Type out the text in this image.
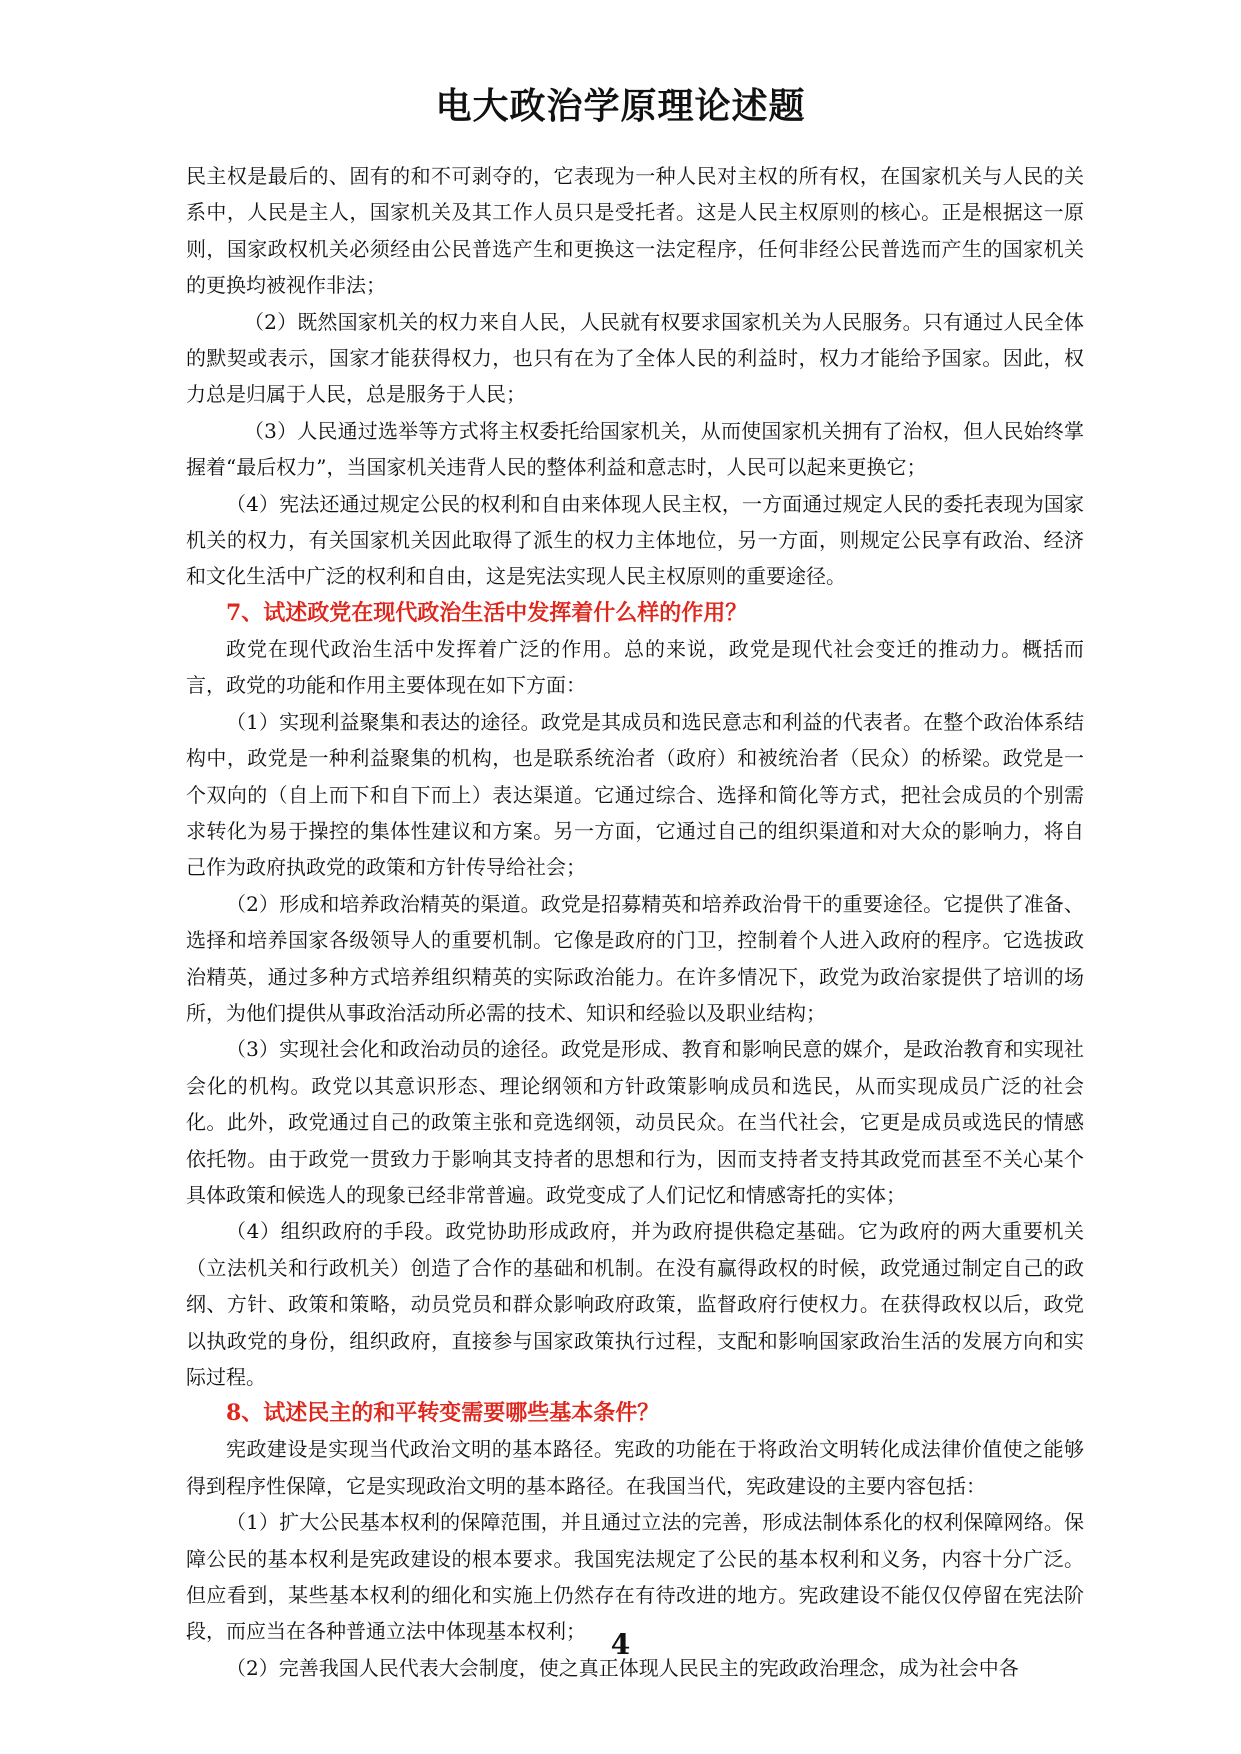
电大政治学原理论述题

民主权是最后的、固有的和不可剥夺的，它表现为一种人民对主权的所有权，在国家机关与人民的关系中，人民是主人，国家机关及其工作人员只是受托者。这是人民主权原则的核心。正是根据这一原则，国家政权机关必须经由公民普选产生和更换这一法定程序，任何非经公民普选而产生的国家机关的更换均被视作非法；

（2）既然国家机关的权力来自人民，人民就有权要求国家机关为人民服务。只有通过人民全体的默契或表示，国家才能获得权力，也只有在为了全体人民的利益时，权力才能给予国家。因此，权力总是归属于人民，总是服务于人民；

（3）人民通过选举等方式将主权委托给国家机关，从而使国家机关拥有了治权，但人民始终掌握着“最后权力”，当国家机关违背人民的整体利益和意志时，人民可以起来更换它；

（4）宪法还通过规定公民的权利和自由来体现人民主权，一方面通过规定人民的委托表现为国家机关的权力，有关国家机关因此取得了派生的权力主体地位，另一方面，则规定公民享有政治、经济和文化生活中广泛的权利和自由，这是宪法实现人民主权原则的重要途径。

7、试述政党在现代政治生活中发挥着什么样的作用？

政党在现代政治生活中发挥着广泛的作用。总的来说，政党是现代社会变迁的推动力。概括而言，政党的功能和作用主要体现在如下方面：

（1）实现利益聚集和表达的途径。政党是其成员和选民意志和利益的代表者。在整个政治体系结构中，政党是一种利益聚集的机构，也是联系统治者（政府）和被统治者（民众）的桥梁。政党是一个双向的（自上而下和自下而上）表达渠道。它通过综合、选择和简化等方式，把社会成员的个别需求转化为易于操控的集体性建议和方案。另一方面，它通过自己的组织渠道和对大众的影响力，将自己作为政府执政党的政策和方针传导给社会；

（2）形成和培养政治精英的渠道。政党是招募精英和培养政治骨干的重要途径。它提供了准备、选择和培养国家各级领导人的重要机制。它像是政府的门卫，控制着个人进入政府的程序。它选拔政治精英，通过多种方式培养组织精英的实际政治能力。在许多情况下，政党为政治家提供了培训的场所，为他们提供从事政治活动所必需的技术、知识和经验以及职业结构；

（3）实现社会化和政治动员的途径。政党是形成、教育和影响民意的媒介，是政治教育和实现社会化的机构。政党以其意识形态、理论纲领和方针政策影响成员和选民，从而实现成员广泛的社会化。此外，政党通过自己的政策主张和竞选纲领，动员民众。在当代社会，它更是成员或选民的情感依托物。由于政党一贯致力于影响其支持者的思想和行为，因而支持者支持其政党而甚至不关心某个具体政策和候选人的现象已经非常普遍。政党变成了人们记忆和情感寄托的实体；

（4）组织政府的手段。政党协助形成政府，并为政府提供稳定基础。它为政府的两大重要机关（立法机关和行政机关）创造了合作的基础和机制。在没有赢得政权的时候，政党通过制定自己的政纲、方针、政策和策略，动员党员和群众影响政府政策，监督政府行使权力。在获得政权以后，政党以执政党的身份，组织政府，直接参与国家政策执行过程，支配和影响国家政治生活的发展方向和实际过程。

8、试述民主的和平转变需要哪些基本条件？

宪政建设是实现当代政治文明的基本路径。宪政的功能在于将政治文明转化成法律价值使之能够得到程序性保障，它是实现政治文明的基本路径。在我国当代，宪政建设的主要内容包括：

（1）扩大公民基本权利的保障范围，并且通过立法的完善，形成法制体系化的权利保障网络。保障公民的基本权利是宪政建设的根本要求。我国宪法规定了公民的基本权利和义务，内容十分广泛。但应看到，某些基本权利的细化和实施上仍然存在有待改进的地方。宪政建设不能仅仅停留在宪法阶段，而应当在各种普通立法中体现基本权利；

（2）完善我国人民代表大会制度，使之真正体现人民民主的宪政政治理念，成为社会中各

4
